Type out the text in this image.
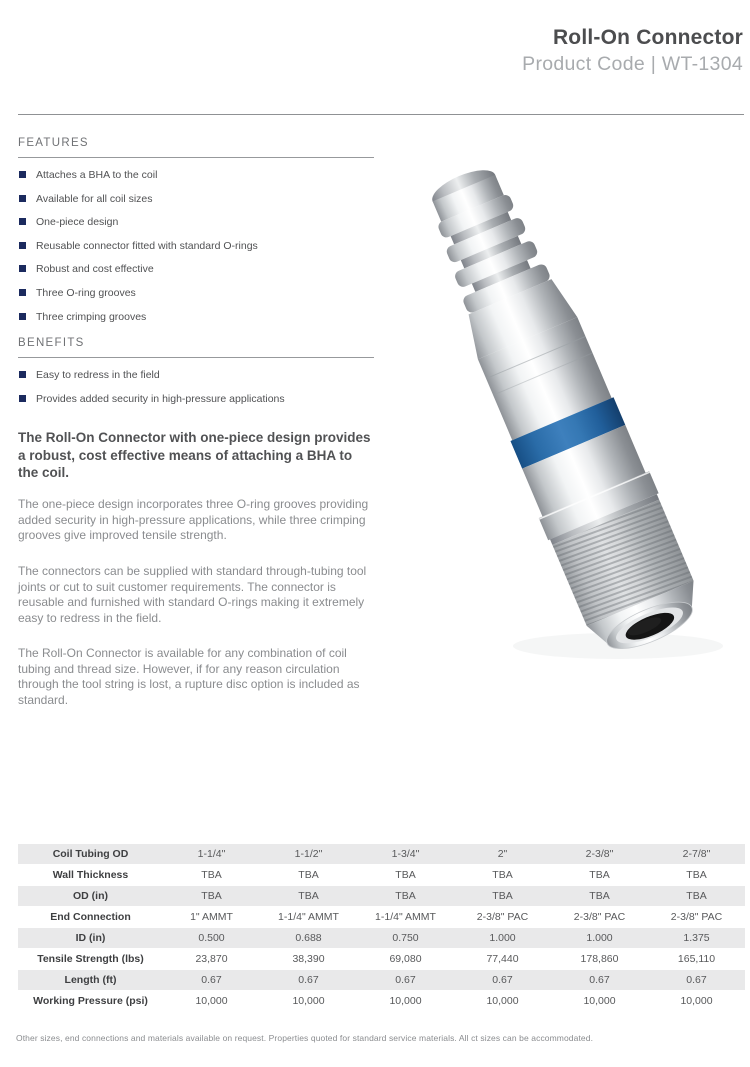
Roll-On Connector
Product Code | WT-1304
FEATURES
Attaches a BHA to the coil
Available for all coil sizes
One-piece design
Reusable connector fitted with standard O-rings
Robust and cost effective
Three O-ring grooves
Three crimping grooves
BENEFITS
Easy to redress in the field
Provides added security in high-pressure applications

The Roll-On Connector with one-piece design provides a robust, cost effective means of attaching a BHA to the coil.

The one-piece design incorporates three O-ring grooves providing added security in high-pressure applications, while three crimping grooves give improved tensile strength.

The connectors can be supplied with standard through-tubing tool joints or cut to suit customer requirements. The connector is reusable and furnished with standard O-rings making it extremely easy to redress in the field.

The Roll-On Connector is available for any combination of coil tubing and thread size. However, if for any reason circulation through the tool string is lost, a rupture disc option is included as standard.

Coil Tubing OD	1-1/4"	1-1/2"	1-3/4"	2"	2-3/8"	2-7/8"
Wall Thickness	TBA	TBA	TBA	TBA	TBA	TBA
OD (in)	TBA	TBA	TBA	TBA	TBA	TBA
End Connection	1" AMMT	1-1/4" AMMT	1-1/4" AMMT	2-3/8" PAC	2-3/8" PAC	2-3/8" PAC
ID (in)	0.500	0.688	0.750	1.000	1.000	1.375
Tensile Strength (lbs)	23,870	38,390	69,080	77,440	178,860	165,110
Length (ft)	0.67	0.67	0.67	0.67	0.67	0.67
Working Pressure (psi)	10,000	10,000	10,000	10,000	10,000	10,000
Other sizes, end connections and materials available on request. Properties quoted for standard service materials. All ct sizes can be accommodated.
